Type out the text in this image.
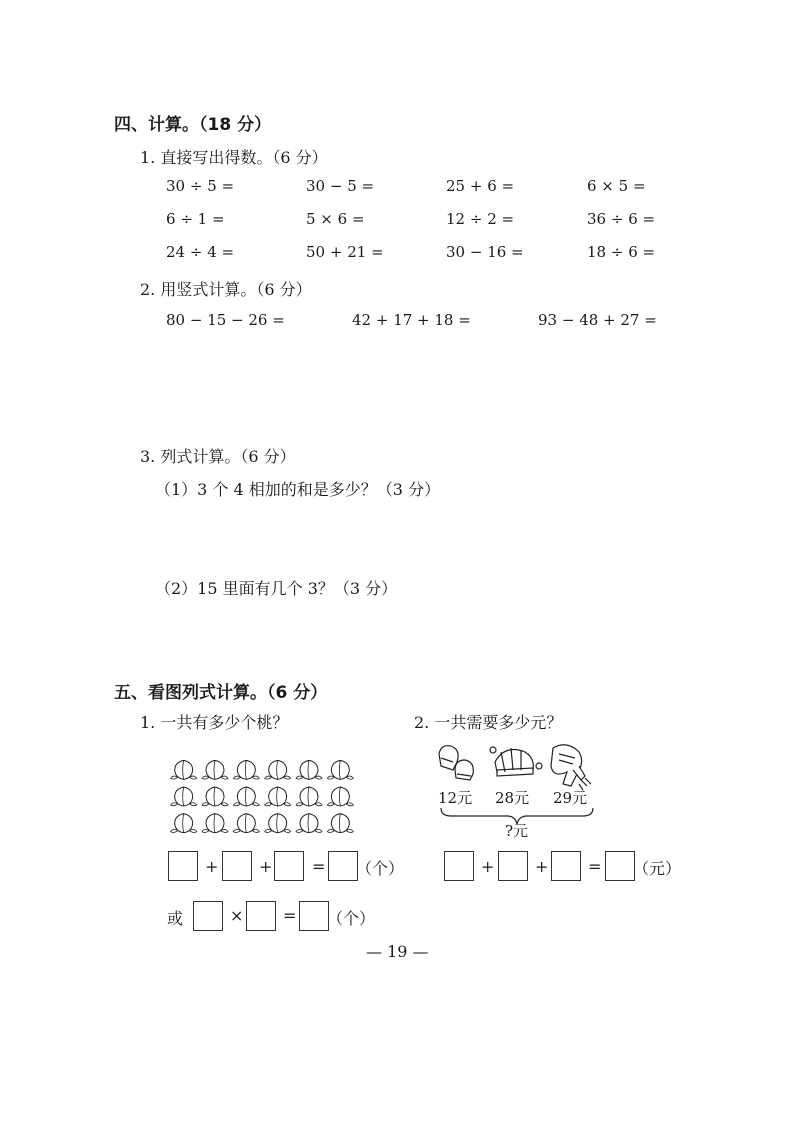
四、计算。（18 分）
1. 直接写出得数。（6 分）
30 ÷ 5 =	30 − 5 =	25 + 6 =	6 × 5 =
6 ÷ 1 =	5 × 6 =	12 ÷ 2 =	36 ÷ 6 =
24 ÷ 4 =	50 + 21 =	30 − 16 =	18 ÷ 6 =
2. 用竖式计算。（6 分）
80 − 15 − 26 =	42 + 17 + 18 =	93 − 48 + 27 =
3. 列式计算。（6 分）
（1）3 个 4 相加的和是多少？（3 分）
（2）15 里面有几个 3？（3 分）
五、看图列式计算。（6 分）
1. 一共有多少个桃？	2. 一共需要多少元？
12元 28元 29元
?元
+	+ = （个）
或	× = （个）
+	+ = （元）
— 19 —
